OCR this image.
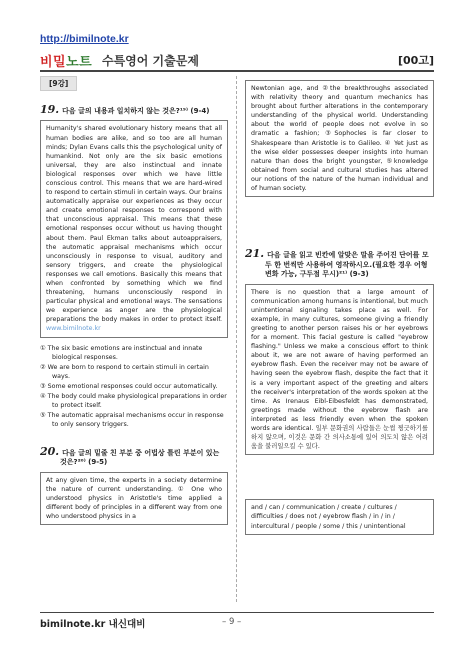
http://bimilnote.kr
비밀노트 수특영어 기출문제	[00고]
[9강]
19. 다음 글의 내용과 일치하지 않는 것은?¹⁹⁾ (9-4)
Humanity's shared evolutionary history means that all human bodies are alike, and so too are all human minds; Dylan Evans calls this the psychological unity of humankind. Not only are the six basic emotions universal, they are also instinctual and innate biological responses over which we have little conscious control. This means that we are hard-wired to respond to certain stimuli in certain ways. Our brains automatically appraise our experiences as they occur and create emotional responses to correspond with that unconscious appraisal. This means that these emotional responses occur without us having thought about them. Paul Ekman talks about autoappraisers, the automatic appraisal mechanisms which occur unconsciously in response to visual, auditory and sensory triggers, and create the physiological responses we call emotions. Basically this means that when confronted by something which we find threatening, humans unconsciously respond in particular physical and emotional ways. The sensations we experience as anger are the physiological preparations the body makes in order to protect itself. www.bimilnote.kr
① The six basic emotions are instinctual and innate biological responses.
② We are born to respond to certain stimuli in certain ways.
③ Some emotional responses could occur automatically.
④ The body could make physiological preparations in order to protect itself.
⑤ The automatic appraisal mechanisms occur in response to only sensory triggers.
20. 다음 글의 밑줄 친 부분 중 어법상 틀린 부분이 있는 것은?²⁰⁾ (9-5)
At any given time, the experts in a society determine the nature of current understanding. ① One who understood physics in Aristotle's time applied a different body of principles in a different way from one who understood physics in a
Newtonian age, and ②the breakthroughs associated with relativity theory and quantum mechanics has brought about further alterations in the contemporary understanding of the physical world. Understanding about the world of people does not evolve in so dramatic a fashion; ③Sophocles is far closer to Shakespeare than Aristotle is to Galileo. ④ Yet just as the wise elder possesses deeper insights into human nature than does the bright youngster, ⑤knowledge obtained from social and cultural studies has altered our notions of the nature of the human individual and of human society.
21. 다음 글을 읽고 빈칸에 알맞은 말을 주어진 단어를 모두 한 번씩만 사용하여 영작하시오.(필요한 경우 어형변화 가능, 구두점 무시)²¹⁾ (9-3)
There is no question that a large amount of communication among humans is intentional, but much unintentional signaling takes place as well. For example, in many cultures, someone giving a friendly greeting to another person raises his or her eyebrows for a moment. This facial gesture is called "eyebrow flashing." Unless we make a conscious effort to think about it, we are not aware of having performed an eyebrow flash. Even the receiver may not be aware of having seen the eyebrow flash, despite the fact that it is a very important aspect of the greeting and alters the receiver's interpretation of the words spoken at the time. As Irenaus Eibl-Eibesfeldt has demonstrated, greetings made without the eyebrow flash are interpreted as less friendly even when the spoken words are identical. 일부 문화권의 사람들은 눈썹 찡긋하기를 하지 않으며, 이것은 문화 간 의사소통에 있어 의도치 않은 어려움을 불러일으킬 수 있다.
and / can / communication / create / cultures / difficulties / does not / eyebrow flash / in / in / intercultural / people / some / this / unintentional
bimilnote.kr 내신대비	– 9 –
